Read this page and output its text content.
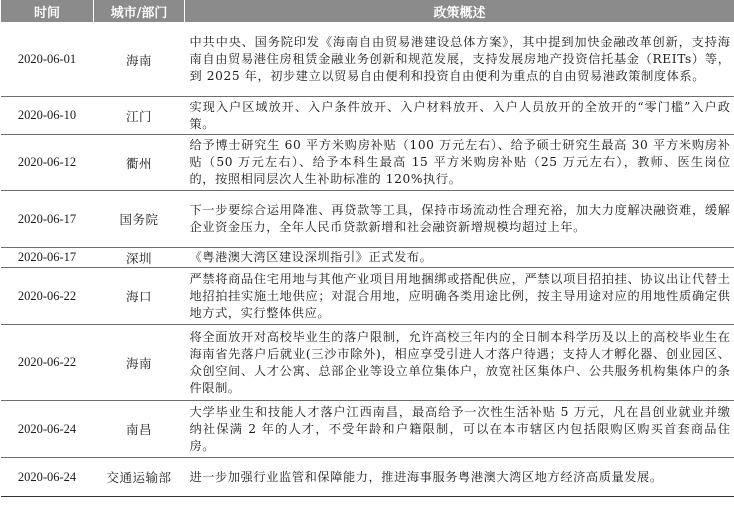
时间	城市/部门	政策概述
2020-06-01	海南	中共中央、国务院印发《海南自由贸易港建设总体方案》，其中提到加快金融改革创新，支持海南自由贸易港住房租赁金融业务创新和规范发展，支持发展房地产投资信托基金（REITs）等，到 2025 年，初步建立以贸易自由便利和投资自由便利为重点的自由贸易港政策制度体系。
2020-06-10	江门	实现入户区域放开、入户条件放开、入户材料放开、入户人员放开的全放开的“零门槛”入户政策。
2020-06-12	衢州	给予博士研究生 60 平方米购房补贴（100 万元左右）、给予硕士研究生最高 30 平方米购房补贴（50 万元左右）、给予本科生最高 15 平方米购房补贴（25 万元左右），教师、医生岗位的，按照相同层次人生补助标准的 120%执行。
2020-06-17	国务院	下一步要综合运用降准、再贷款等工具，保持市场流动性合理充裕，加大力度解决融资难，缓解企业资金压力，全年人民币贷款新增和社会融资新增规模均超过上年。
2020-06-17	深圳	《粤港澳大湾区建设深圳指引》正式发布。
2020-06-22	海口	严禁将商品住宅用地与其他产业项目用地捆绑或搭配供应，严禁以项目招拍挂、协议出让代替土地招拍挂实施土地供应；对混合用地，应明确各类用途比例，按主导用途对应的用地性质确定供地方式，实行整体供应。
2020-06-22	海南	将全面放开对高校毕业生的落户限制，允许高校三年内的全日制本科学历及以上的高校毕业生在海南省先落户后就业(三沙市除外)，相应享受引进人才落户待遇；支持人才孵化器、创业园区、众创空间、人才公寓、总部企业等设立单位集体户，放宽社区集体户、公共服务机构集体户的条件限制。
2020-06-24	南昌	大学毕业生和技能人才落户江西南昌，最高给予一次性生活补贴 5 万元，凡在昌创业就业并缴纳社保满 2 年的人才，不受年龄和户籍限制，可以在本市辖区内包括限购区购买首套商品住房。
2020-06-24	交通运输部	进一步加强行业监管和保障能力，推进海事服务粤港澳大湾区地方经济高质量发展。
